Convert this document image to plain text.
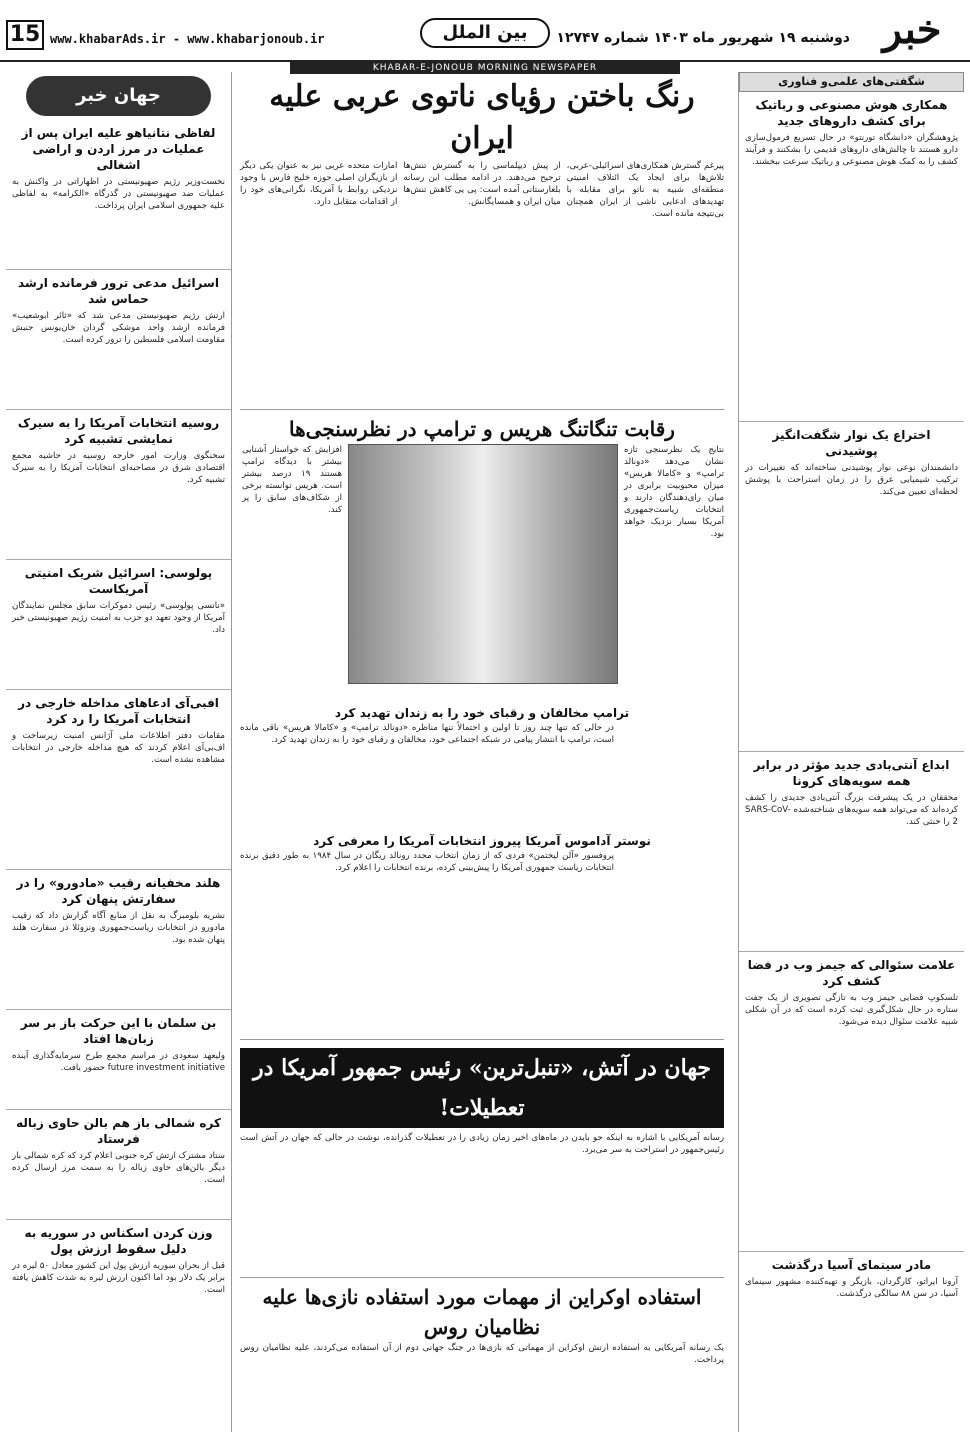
خبر
دوشنبه ۱۹ شهریور ماه ۱۴۰۳ شماره ۱۲۷۴۷
بین الملل
www.khabarAds.ir - www.khabarjonoub.ir
15
KHABAR-E-JONOUB MORNING NEWSPAPER
شگفتی‌های علمی‌و فناوری
همکاری هوش مصنوعی و رباتیک برای کشف داروهای جدید

پژوهشگران «دانشگاه تورنتو» در حال تسریع فرمول‌سازی دارو هستند تا چالش‌های داروهای قدیمی‌ را بشکنند و فرآیند کشف را به کمک هوش مصنوعی و رباتیک سرعت ببخشند.

اختراع یک نوار شگفت‌انگیز پوشیدنی

دانشمندان نوعی نوار پوشیدنی ساخته‌اند که تغییرات در ترکیب شیمیایی عرق را در زمان استراحت با پوشش لحظه‌ای تعیین می‌کند.

ابداع آنتی‌بادی جدید مؤثر در برابر همه سویه‌های کرونا

محققان در یک پیشرفت بزرگ آنتی‌بادی جدیدی را کشف کرده‌اند که می‌تواند همه سویه‌های شناخته‌شده SARS-CoV-2 را خنثی کند.

علامت سئوالی که جیمز وب در فضا کشف کرد

تلسکوپ فضایی جیمز وب به تازگی تصویری از یک جفت ستاره در حال شکل‌گیری ثبت کرده است که در آن شکلی شبیه علامت سئوال دیده می‌شود.

مادر سینمای آسیا درگذشت

آرونا ایراتو، کارگردان، بازیگر و تهیه‌کننده مشهور سینمای آسیا، در سن ۸۸ سالگی درگذشت.

جهان خبر
لفاظی نتانیاهو علیه ایران پس از عملیات در مرز اردن و اراضی اشغالی

نخست‌وزیر رژیم صهیونیستی در اظهاراتی در واکنش به عملیات ضد صهیونیستی در گذرگاه «الکرامه» به لفاظی علیه جمهوری اسلامی ایران پرداخت.

اسرائیل مدعی ترور فرمانده ارشد حماس شد

ارتش رژیم صهیونیستی مدعی شد که «ثائر ابوشعیب» فرمانده ارشد واحد موشکی گردان خان‌یونس جنبش مقاومت اسلامی فلسطین را ترور کرده است.

روسیه انتخابات آمریکا را به سیرک نمایشی تشبیه کرد

سخنگوی وزارت امور خارجه روسیه در حاشیه مجمع اقتصادی شرق در مصاحبه‌ای انتخابات آمریکا را به سیرک تشبیه کرد.

پولوسی: اسرائیل شریک امنیتی آمریکاست

«نانسی پولوسی» رئیس دموکرات سابق مجلس نمایندگان آمریکا از وجود تعهد دو حزب به امنیت رژیم صهیونیستی خبر داد.

افبی‌آی ادعاهای مداخله خارجی در انتخابات آمریکا را رد کرد

مقامات دفتر اطلاعات ملی آژانس امنیت زیرساخت و اف‌بی‌آی اعلام کردند که هیچ مداخله خارجی در انتخابات مشاهده نشده است.

هلند مخفیانه رقیب «مادورو» را در سفارتش پنهان کرد

نشریه بلومبرگ به نقل از منابع آگاه گزارش داد که رقیب مادورو در انتخابات ریاست‌جمهوری ونزوئلا در سفارت هلند پنهان شده بود.

بن سلمان با این حرکت باز بر سر زبان‌ها افتاد

ولیعهد سعودی در مراسم مجمع طرح سرمایه‌گذاری آینده future investment initiative حضور یافت.

کره شمالی باز هم بالن حاوی زباله فرستاد

ستاد مشترک ارتش کره جنوبی اعلام کرد که کره شمالی بار دیگر بالن‌های حاوی زباله را به سمت مرز ارسال کرده است.

وزن کردن اسکناس در سوریه به دلیل سقوط ارزش پول

قبل از بحران سوریه ارزش پول این کشور معادل ۵۰ لیره در برابر یک دلار بود اما اکنون ارزش لیره به شدت کاهش یافته است.

رنگ باختن رؤیای ناتوی عربی علیه ایران

پیرغم گسترش همکاری‌های اسرائیلی-عربی، تلاش‌ها برای ایجاد یک ائتلاف امنیتی منطقه‌ای شبیه به ناتو برای مقابله با تهدیدهای ادعایی ناشی از ایران همچنان بی‌نتیجه مانده است.

از پیش دیپلماسی را به گسترش تنش‌ها ترجیح می‌دهند. در ادامه مطلب این رسانه بلغارستانی آمده است: پی‌ یی کاهش تنش‌ها میان ایران و همسایگانش.

امارات متحده عربی نیز به عنوان یکی دیگر از بازیگران اصلی حوزه خلیج فارس با وجود نزدیکی روابط با آمریکا، نگرانی‌های خود را از اقدامات متقابل دارد.

رقابت تنگاتنگ هریس و ترامپ در نظرسنجی‌ها

نتایج یک نظرسنجی تازه نشان می‌دهد «دونالد ترامپ» و «کامالا هریس» میزان محبوبیت برابری در میان رای‌دهندگان دارند و انتخابات ریاست‌جمهوری آمریکا بسیار نزدیک خواهد بود.

افزایش که خواستار آشنایی بیشتر با دیدگاه ترامپ هستند ۱۹ درصد بیشتر است. هریس توانسته برخی از شکاف‌های سابق را پر کند.

ترامپ مخالفان و رقبای خود را به زندان تهدید کرد

در حالی که تنها چند روز تا اولین و احتمالاً تنها مناظره «دونالد ترامپ» و «کامالا هریس» باقی مانده است، ترامپ با انتشار پیامی در شبکه اجتماعی خود، مخالفان و رقبای خود را به زندان تهدید کرد.

نوستر آداموس آمریکا پیروز انتخابات آمریکا را معرفی کرد

پروفسور «آلن لیختمن» فردی که از زمان انتخاب مجدد رونالد ریگان در سال ۱۹۸۴ به طور دقیق برنده انتخابات ریاست جمهوری آمریکا را پیش‌بینی کرده، برنده انتخابات را اعلام کرد.

جهان در آتش، «تنبل‌ترین» رئیس جمهور آمریکا در تعطیلات!

رسانه آمریکایی با اشاره به اینکه جو بایدن در ماه‌های اخیر زمان زیادی را در تعطیلات گذرانده، نوشت در حالی که جهان در آتش است رئیس‌جمهور در استراحت به سر می‌برد.

استفاده اوکراین از مهمات مورد استفاده نازی‌ها علیه نظامیان روس

یک رسانه آمریکایی به استفاده ارتش اوکراین از مهماتی که نازی‌ها در جنگ جهانی دوم از آن استفاده می‌کردند، علیه نظامیان روس پرداخت.
